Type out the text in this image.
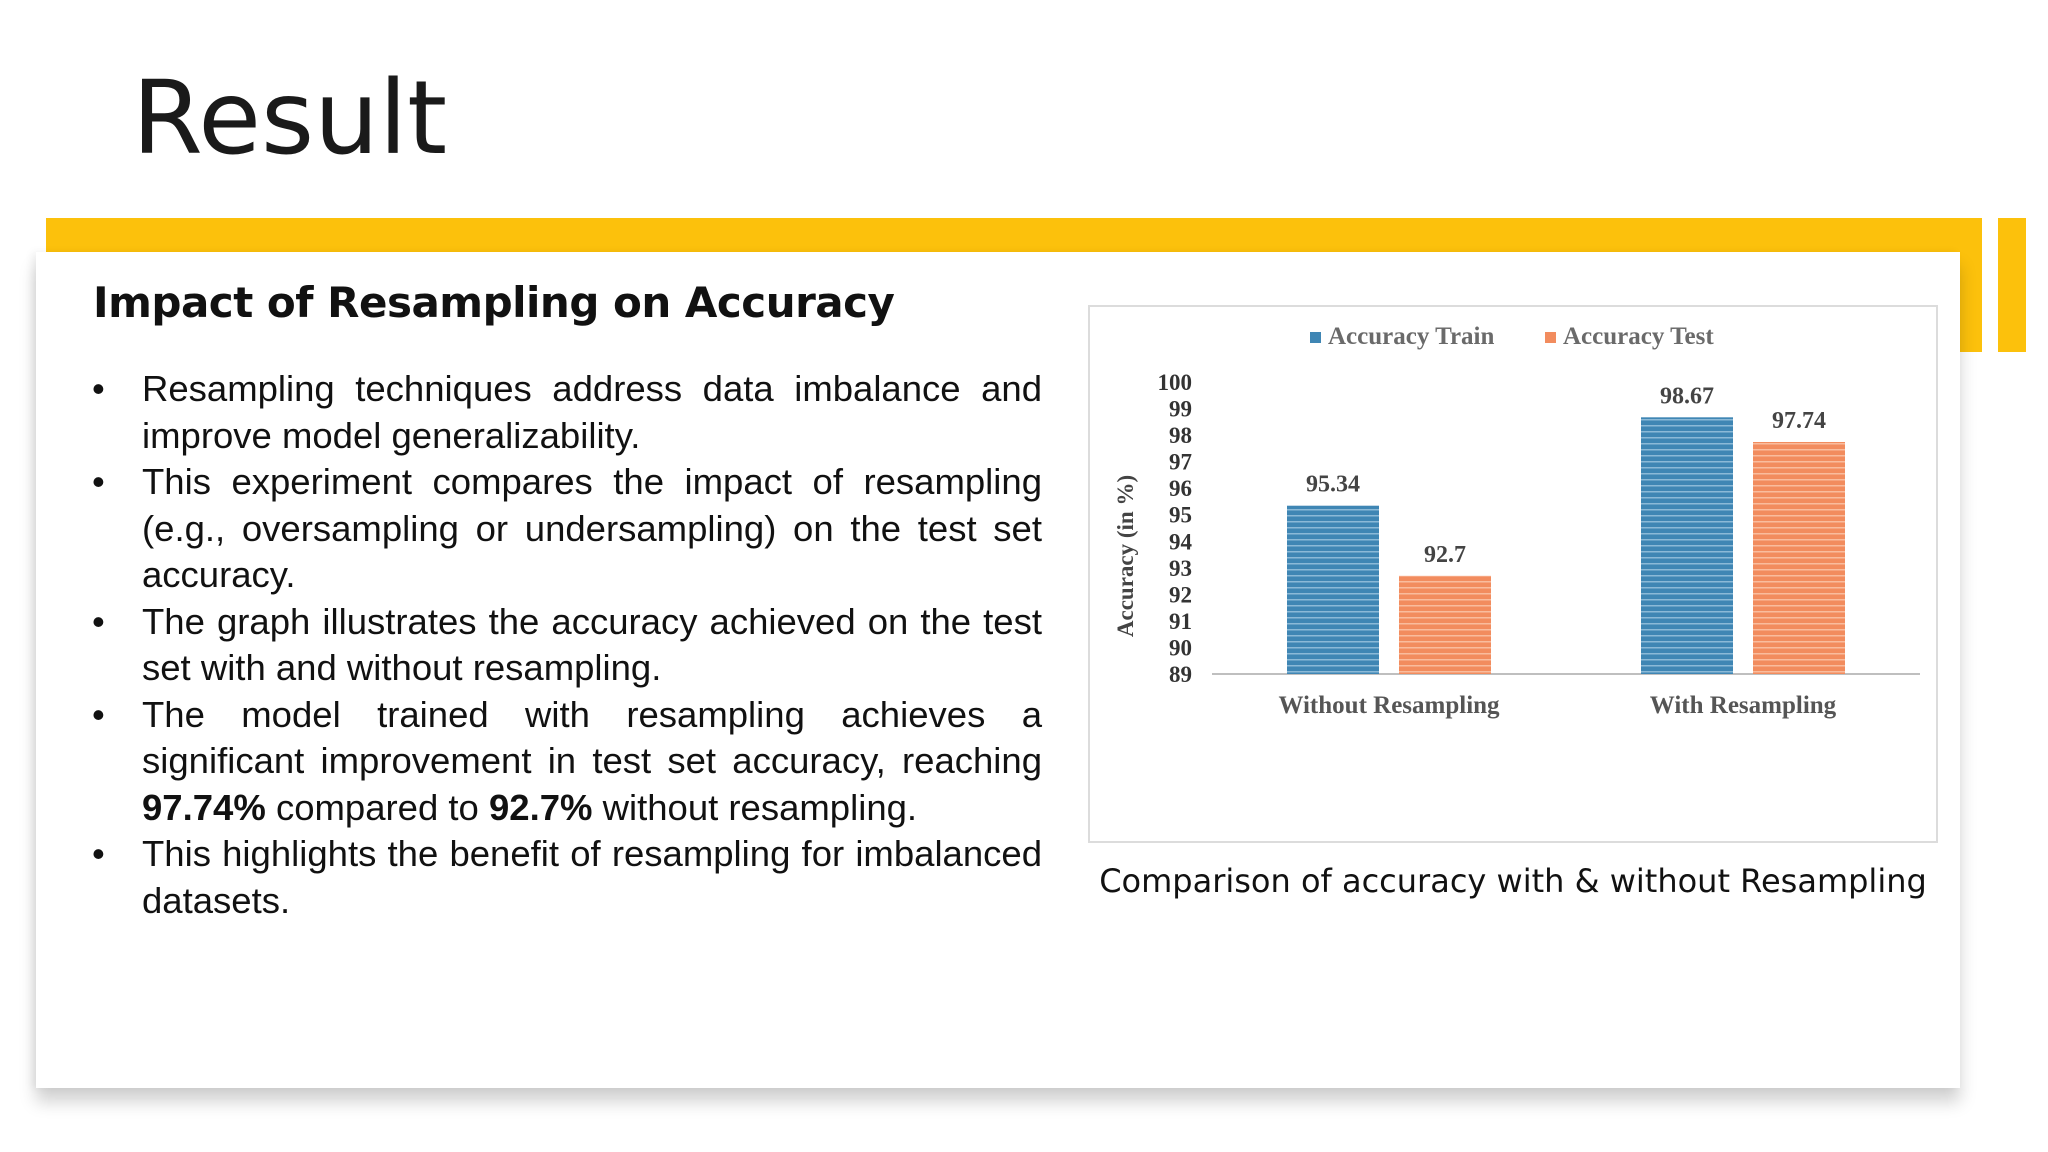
Result
Impact of Resampling on Accuracy
• Resampling techniques address data imbalance and improve model generalizability.
• This experiment compares the impact of resampling (e.g., oversampling or undersampling) on the test set accuracy.
• The graph illustrates the accuracy achieved on the test set with and without resampling.
• The model trained with resampling achieves a significant improvement in test set accuracy, reaching 97.74% compared to 92.7% without resampling.
• This highlights the benefit of resampling for imbalanced datasets.
89
90
91
92
93
94
95
96
97
98
99
100
Accuracy (in %)	95.34
92.7
Without Resampling
98.67
97.74
With Resampling
Accuracy Train	Accuracy Test
Comparison of accuracy with & without Resampling
